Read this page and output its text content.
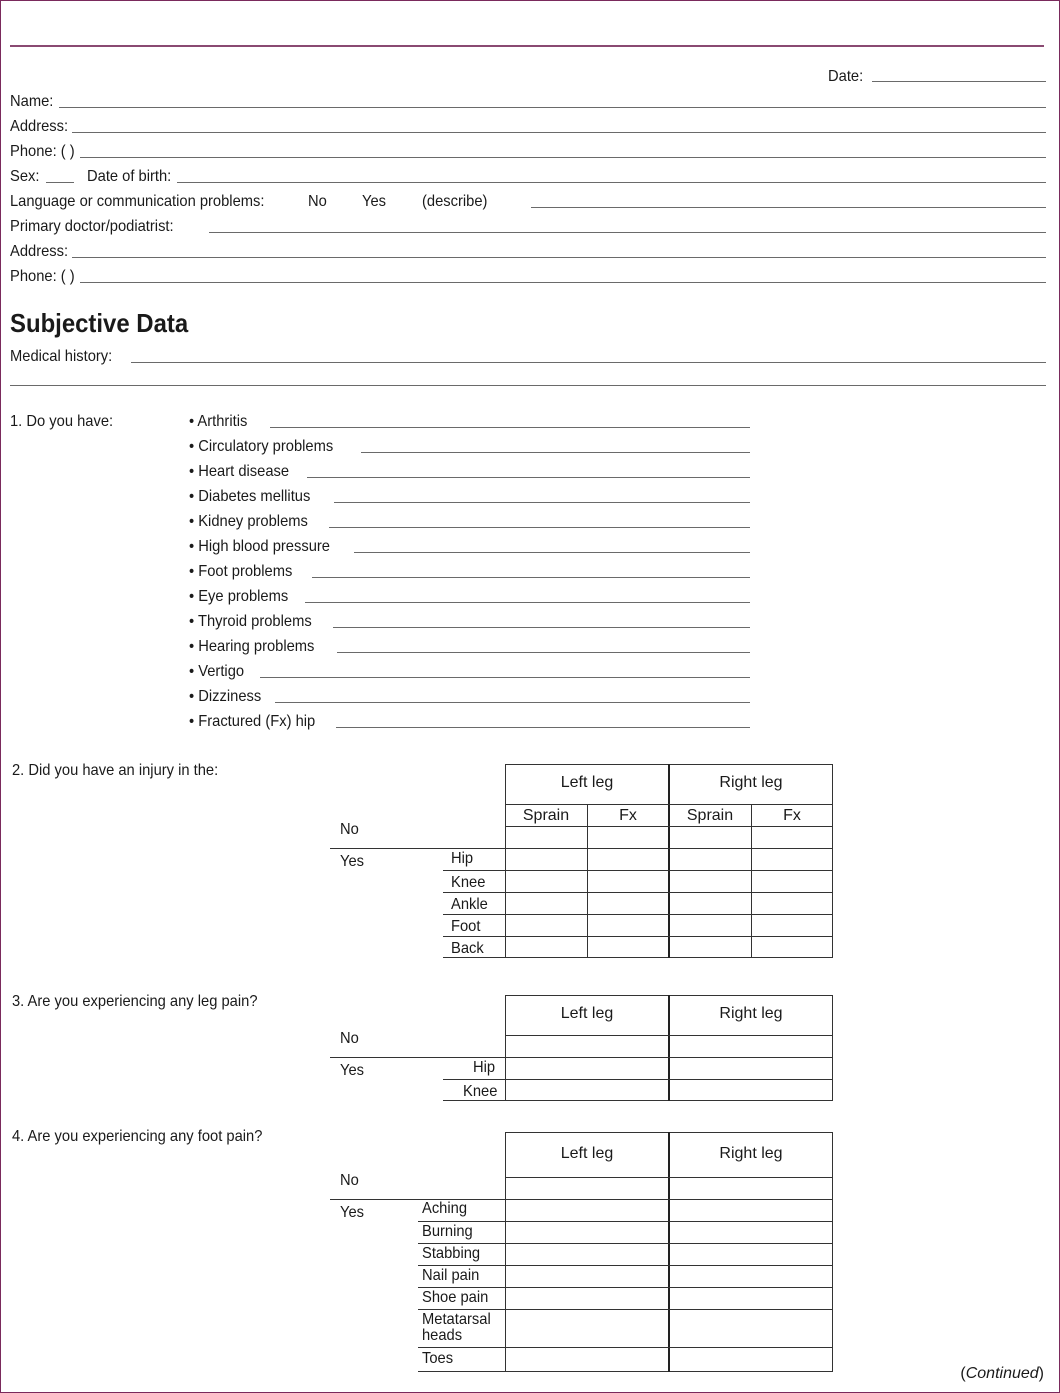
Date:
Name:
Address:
Phone: ( )
Sex:	Date of birth:
Language or communication problems:	No Yes (describe)
Primary doctor/podiatrist:
Address:
Phone: ( )
Subjective Data
Medical history:
1. Do you have:	• Arthritis
• Circulatory problems
• Heart disease
• Diabetes mellitus
• Kidney problems
• High blood pressure
• Foot problems
• Eye problems
• Thyroid problems
• Hearing problems
• Vertigo
• Dizziness
• Fractured (Fx) hip
2. Did you have an injury in the:
Left leg	Right leg
Sprain	Fx	Sprain	Fx
No
Yes	Hip
Knee
Ankle
Foot
Back
3. Are you experiencing any leg pain?
Left leg	Right leg
No
Yes	Hip
Knee
4. Are you experiencing any foot pain?
Left leg	Right leg
No
Yes	Aching
Burning
Stabbing
Nail pain
Shoe pain
Metatarsal heads
Toes
(Continued)
